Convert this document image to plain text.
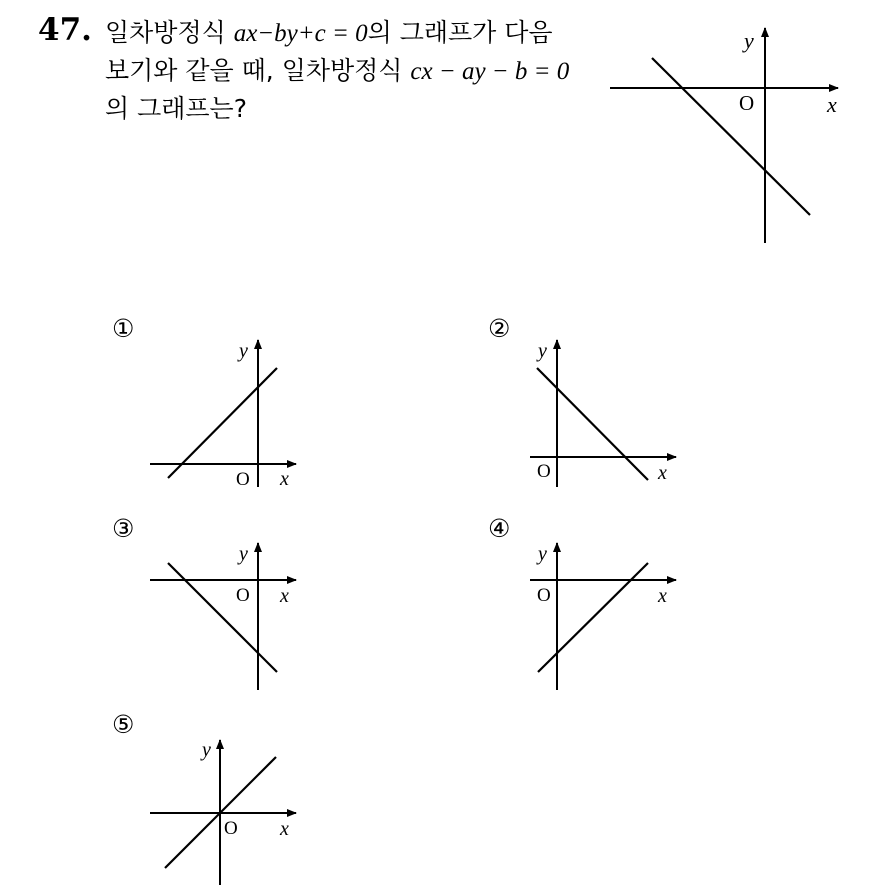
47. 일차방정식 ax−by+c = 0의 그래프가 다음
보기와 같을 때, 일차방정식 cx − ay − b = 0
의 그래프는?
y
x
O
①
y
x
O
②
y
x
O
③
y
x
O
④
y
x
O
⑤
y
x
O
